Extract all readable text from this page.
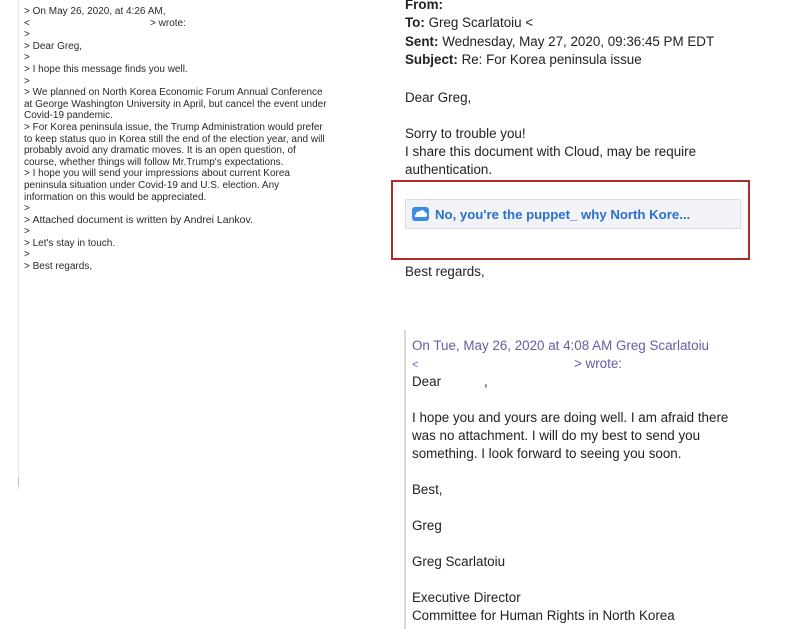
> On May 26, 2020, at 4:26 AM,
<	> wrote:
>
> Dear Greg,
>
> I hope this message finds you well.
>
> We planned on North Korea Economic Forum Annual Conference
at George Washington University in April, but cancel the event under
Covid-19 pandemic.
> For Korea peninsula issue, the Trump Administration would prefer
to keep status quo in Korea still the end of the election year, and will
probably avoid any dramatic moves. It is an open question, of
course, whether things will follow Mr.Trump's expectations.
> I hope you will send your impressions about current Korea
peninsula situation under Covid-19 and U.S. election. Any
information on this would be appreciated.
>
> Attached document is written by Andrei Lankov.
>
> Let's stay in touch.
>
> Best regards,
From:
To: Greg Scarlatoiu <
Sent: Wednesday, May 27, 2020, 09:36:45 PM EDT
Subject: Re: For Korea peninsula issue
Dear Greg,
Sorry to trouble you!
I share this document with Cloud, may be require
authentication.
Best regards,
No, you're the puppet_ why North Kore...
On Tue, May 26, 2020 at 4:08 AM Greg Scarlatoiu
<	> wrote:
Dear	,
I hope you and yours are doing well. I am afraid there
was no attachment. I will do my best to send you
something. I look forward to seeing you soon.
Best,
Greg
Greg Scarlatoiu
Executive Director
Committee for Human Rights in North Korea
